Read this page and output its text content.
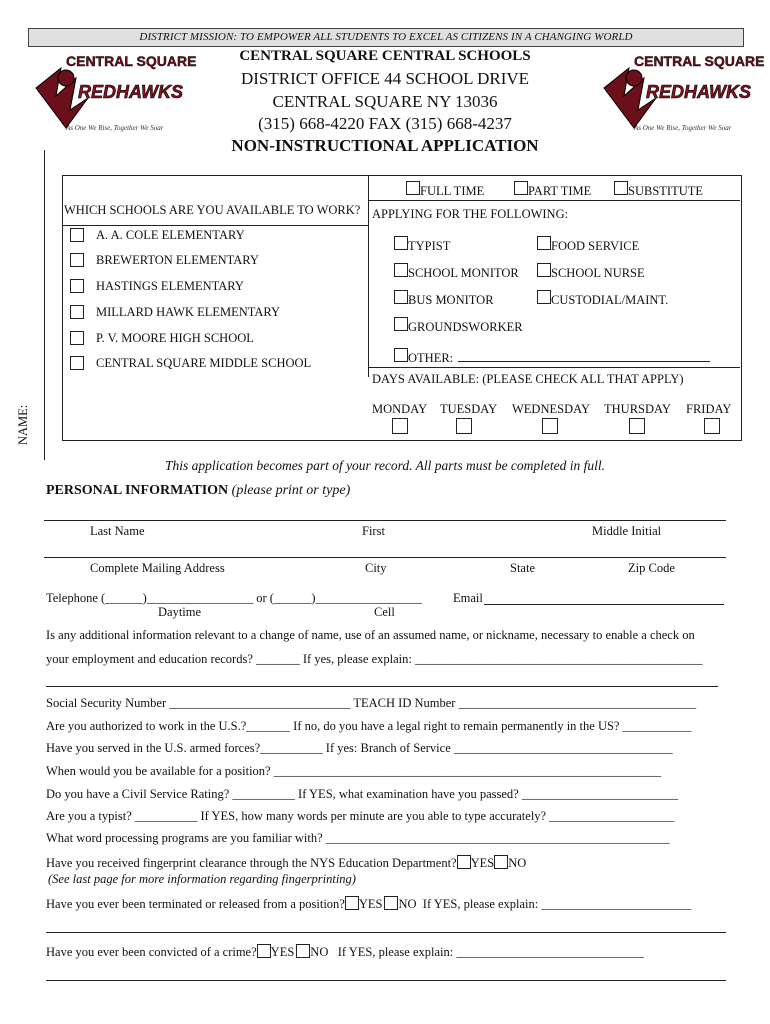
DISTRICT MISSION: TO EMPOWER ALL STUDENTS TO EXCEL AS CITIZENS IN A CHANGING WORLD
CENTRAL SQUARE
REDHAWKS
As One We Rise, Together We Soar
CENTRAL SQUARE
REDHAWKS
As One We Rise, Together We Soar
CENTRAL SQUARE CENTRAL SCHOOLS
DISTRICT OFFICE 44 SCHOOL DRIVE
CENTRAL SQUARE NY 13036
(315) 668-4220 FAX (315) 668-4237
NON-INSTRUCTIONAL APPLICATION
NAME:
WHICH SCHOOLS ARE YOU AVAILABLE TO WORK?
A. A. COLE ELEMENTARY
BREWERTON ELEMENTARY
HASTINGS ELEMENTARY
MILLARD HAWK ELEMENTARY
P. V. MOORE HIGH SCHOOL
CENTRAL SQUARE MIDDLE SCHOOL
FULL TIME	PART TIME	SUBSTITUTE
APPLYING FOR THE FOLLOWING:
TYPIST	FOOD SERVICE
SCHOOL MONITOR	SCHOOL NURSE
BUS MONITOR	CUSTODIAL/MAINT.
GROUNDSWORKER
OTHER:
DAYS AVAILABLE: (PLEASE CHECK ALL THAT APPLY)
MONDAY TUESDAY WEDNESDAY THURSDAY FRIDAY
This application becomes part of your record. All parts must be completed in full.
PERSONAL INFORMATION (please print or type)
Last Name	First	Middle Initial
Complete Mailing Address	City	State	Zip Code
Telephone (______)_________________ or (______)_________________ Email
Daytime	Cell
Is any additional information relevant to a change of name, use of an assumed name, or nickname, necessary to enable a check on
your employment and education records? _______ If yes, please explain: ______________________________________________
Social Security Number _____________________________ TEACH ID Number ______________________________________
Are you authorized to work in the U.S.?_______ If no, do you have a legal right to remain permanently in the US? ___________
Have you served in the U.S. armed forces?__________ If yes: Branch of Service ___________________________________
When would you be available for a position? ______________________________________________________________
Do you have a Civil Service Rating? __________ If YES, what examination have you passed? _________________________
Are you a typist? __________ If YES, how many words per minute are you able to type accurately? ____________________
What word processing programs are you familiar with? _______________________________________________________
Have you received fingerprint clearance through the NYS Education Department? YES NO
(See last page for more information regarding fingerprinting)
Have you ever been terminated or released from a position? YES NO If YES, please explain: ________________________
Have you ever been convicted of a crime? YES NO If YES, please explain: ______________________________
